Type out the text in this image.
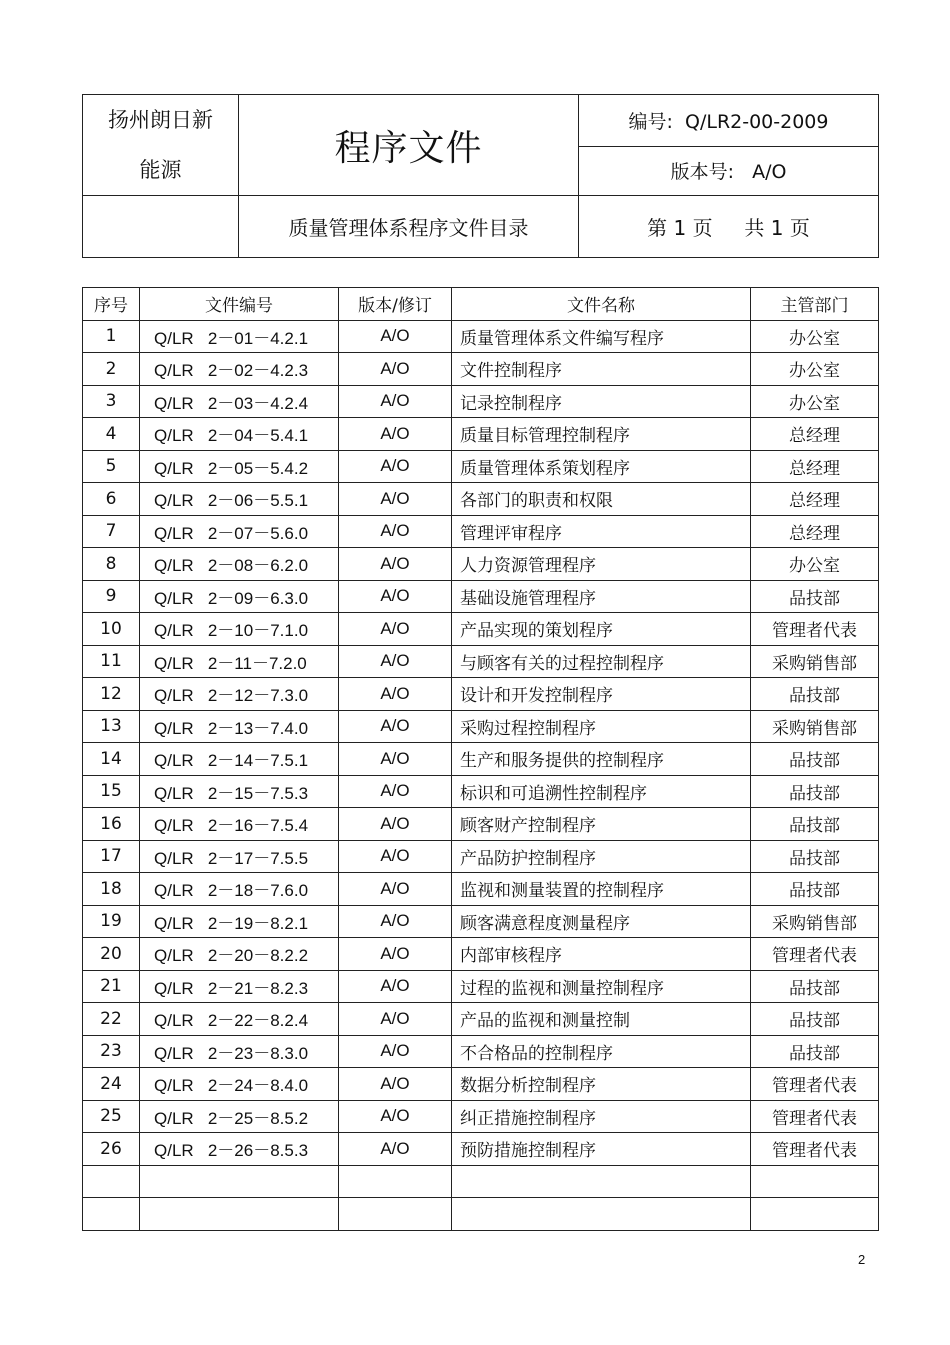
扬州朗日新
能源	程序文件	编号:  Q/LR2-00-2009
		版本号:   A/O
	质量管理体系程序文件目录	第 1 页     共 1 页
序号	文件编号	版本/修订	文件名称	主管部门
1	Q/LR   2－01－4.2.1	A/O	质量管理体系文件编写程序	办公室
2	Q/LR   2－02－4.2.3	A/O	文件控制程序	办公室
3	Q/LR   2－03－4.2.4	A/O	记录控制程序	办公室
4	Q/LR   2－04－5.4.1	A/O	质量目标管理控制程序	总经理
5	Q/LR   2－05－5.4.2	A/O	质量管理体系策划程序	总经理
6	Q/LR   2－06－5.5.1	A/O	各部门的职责和权限	总经理
7	Q/LR   2－07－5.6.0	A/O	管理评审程序	总经理
8	Q/LR   2－08－6.2.0	A/O	人力资源管理程序	办公室
9	Q/LR   2－09－6.3.0	A/O	基础设施管理程序	品技部
10	Q/LR   2－10－7.1.0	A/O	产品实现的策划程序	管理者代表
11	Q/LR   2－11－7.2.0	A/O	与顾客有关的过程控制程序	采购销售部
12	Q/LR   2－12－7.3.0	A/O	设计和开发控制程序	品技部
13	Q/LR   2－13－7.4.0	A/O	采购过程控制程序	采购销售部
14	Q/LR   2－14－7.5.1	A/O	生产和服务提供的控制程序	品技部
15	Q/LR   2－15－7.5.3	A/O	标识和可追溯性控制程序	品技部
16	Q/LR   2－16－7.5.4	A/O	顾客财产控制程序	品技部
17	Q/LR   2－17－7.5.5	A/O	产品防护控制程序	品技部
18	Q/LR   2－18－7.6.0	A/O	监视和测量装置的控制程序	品技部
19	Q/LR   2－19－8.2.1	A/O	顾客满意程度测量程序	采购销售部
20	Q/LR   2－20－8.2.2	A/O	内部审核程序	管理者代表
21	Q/LR   2－21－8.2.3	A/O	过程的监视和测量控制程序	品技部
22	Q/LR   2－22－8.2.4	A/O	产品的监视和测量控制	品技部
23	Q/LR   2－23－8.3.0	A/O	不合格品的控制程序	品技部
24	Q/LR   2－24－8.4.0	A/O	数据分析控制程序	管理者代表
25	Q/LR   2－25－8.5.2	A/O	纠正措施控制程序	管理者代表
26	Q/LR   2－26－8.5.3	A/O	预防措施控制程序	管理者代表

2
